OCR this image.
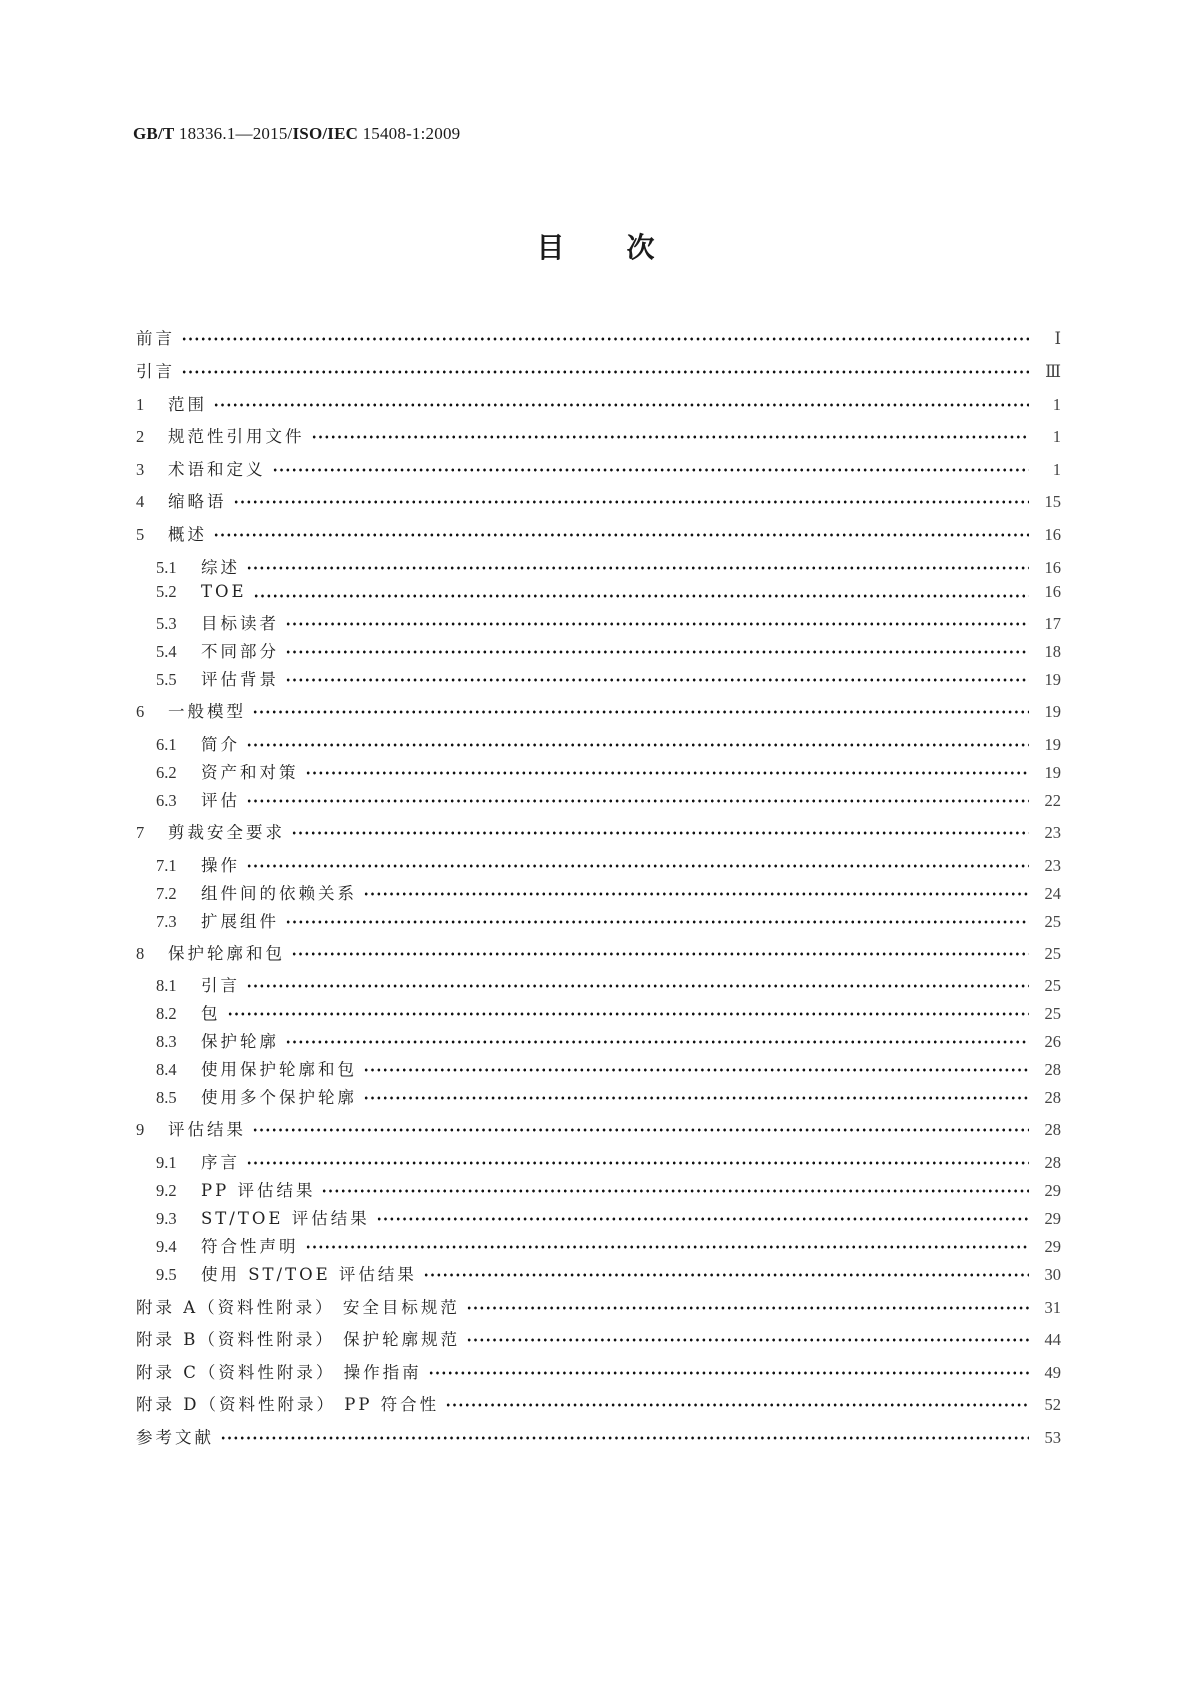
GB/T 18336.1—2015/ISO/IEC 15408-1:2009
目次
前言	Ⅰ
引言	Ⅲ
1	范围	1
2	规范性引用文件	1
3	术语和定义	1
4	缩略语	15
5	概述	16
5.1	综述	16
5.2	TOE	16
5.3	目标读者	17
5.4	不同部分	18
5.5	评估背景	19
6	一般模型	19
6.1	简介	19
6.2	资产和对策	19
6.3	评估	22
7	剪裁安全要求	23
7.1	操作	23
7.2	组件间的依赖关系	24
7.3	扩展组件	25
8	保护轮廓和包	25
8.1	引言	25
8.2	包	25
8.3	保护轮廓	26
8.4	使用保护轮廓和包	28
8.5	使用多个保护轮廓	28
9	评估结果	28
9.1	序言	28
9.2	PP 评估结果	29
9.3	ST/TOE 评估结果	29
9.4	符合性声明	29
9.5	使用 ST/TOE 评估结果	30
附录 A（资料性附录） 安全目标规范	31
附录 B（资料性附录） 保护轮廓规范	44
附录 C（资料性附录） 操作指南	49
附录 D（资料性附录） PP 符合性	52
参考文献	53
